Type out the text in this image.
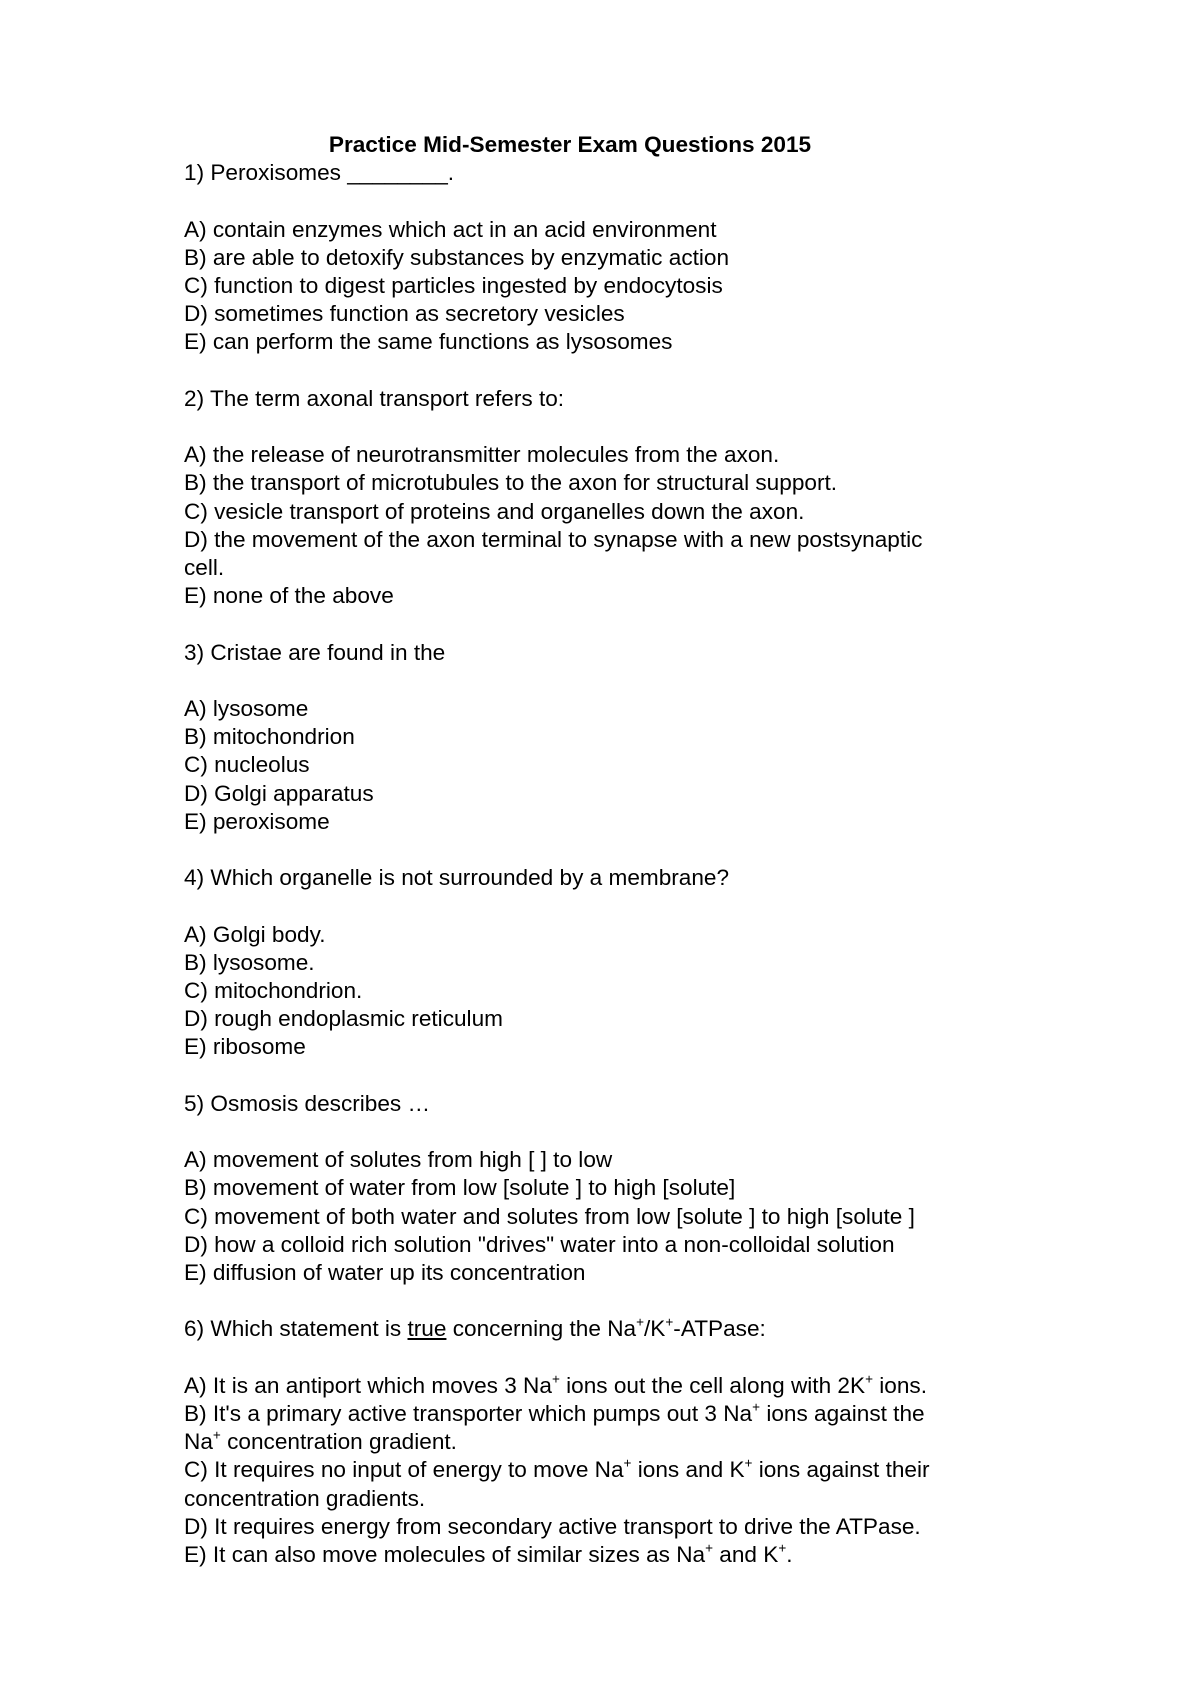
Practice Mid-Semester Exam Questions 2015

1) Peroxisomes ________.

A) contain enzymes which act in an acid environment

B) are able to detoxify substances by enzymatic action

C) function to digest particles ingested by endocytosis

D) sometimes function as secretory vesicles

E) can perform the same functions as lysosomes

2) The term axonal transport refers to:

A) the release of neurotransmitter molecules from the axon.

B) the transport of microtubules to the axon for structural support.

C) vesicle transport of proteins and organelles down the axon.

D) the movement of the axon terminal to synapse with a new postsynaptic

cell.

E) none of the above

3) Cristae are found in the

A) lysosome

B) mitochondrion

C) nucleolus

D) Golgi apparatus

E) peroxisome

4) Which organelle is not surrounded by a membrane?

A) Golgi body.

B) lysosome.

C) mitochondrion.

D) rough endoplasmic reticulum

E) ribosome

5) Osmosis describes …

A) movement of solutes from high [ ] to low

B) movement of water from low [solute ] to high [solute]

C) movement of both water and solutes from low [solute ] to high [solute ]

D) how a colloid rich solution "drives" water into a non-colloidal solution

E) diffusion of water up its concentration

6) Which statement is true concerning the Na+/K+-ATPase:

A) It is an antiport which moves 3 Na+ ions out the cell along with 2K+ ions.

B) It's a primary active transporter which pumps out 3 Na+ ions against the

Na+ concentration gradient.

C) It requires no input of energy to move Na+ ions and K+ ions against their

concentration gradients.

D) It requires energy from secondary active transport to drive the ATPase.

E) It can also move molecules of similar sizes as Na+ and K+.
